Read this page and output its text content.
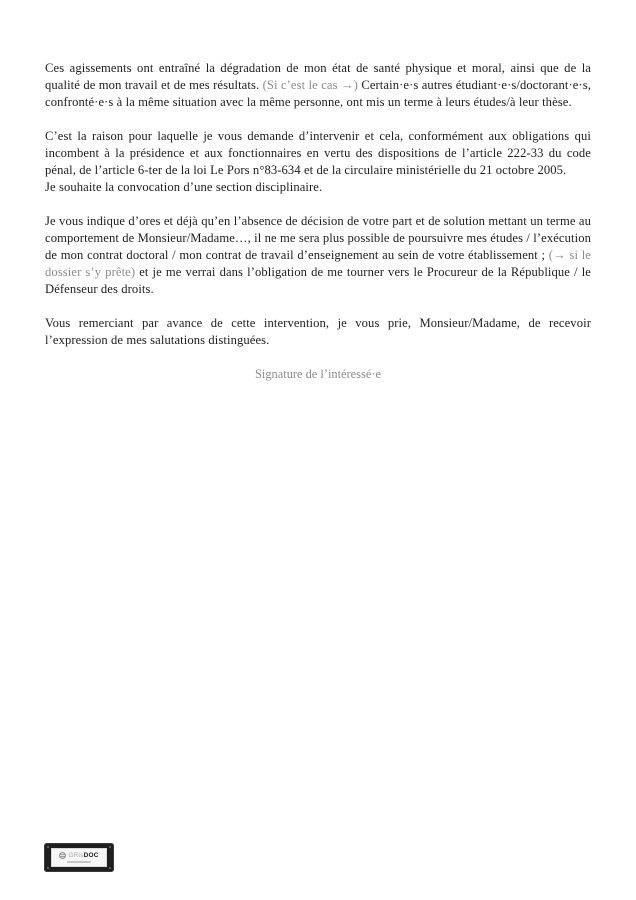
Ces agissements ont entraîné la dégradation de mon état de santé physique et moral, ainsi que de la qualité de mon travail et de mes résultats. (Si c’est le cas →) Certain·e·s autres étudiant·e·s/doctorant·e·s, confronté·e·s à la même situation avec la même personne, ont mis un terme à leurs études/à leur thèse.

C’est la raison pour laquelle je vous demande d’intervenir et cela, conformément aux obligations qui incombent à la présidence et aux fonctionnaires en vertu des dispositions de l’article 222-33 du code pénal, de l’article 6-ter de la loi Le Pors n°83-634 et de la circulaire ministérielle du 21 octobre 2005.
Je souhaite la convocation d’une section disciplinaire.

Je vous indique d’ores et déjà qu’en l’absence de décision de votre part et de solution mettant un terme au comportement de Monsieur/Madame…, il ne me sera plus possible de poursuivre mes études / l’exécution de mon contrat doctoral / mon contrat de travail d’enseignement au sein de votre établissement ; (→ si le dossier s’y prête) et je me verrai dans l’obligation de me tourner vers le Procureur de la République / le Défenseur des droits.

Vous remerciant par avance de cette intervention, je vous prie, Monsieur/Madame, de recevoir l’expression de mes salutations distinguées.

Signature de l’intéressé·e
GRisDOC
